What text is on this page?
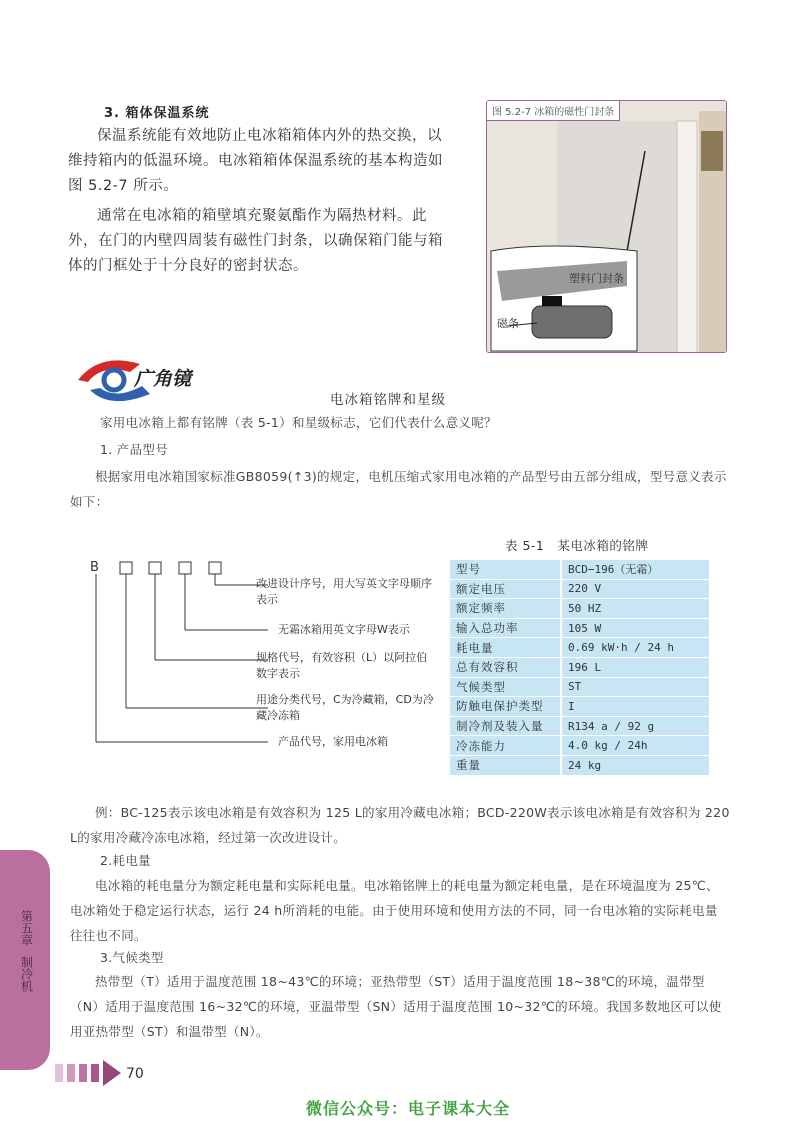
3. 箱体保温系统
保温系统能有效地防止电冰箱箱体内外的热交换，以维持箱内的低温环境。电冰箱箱体保温系统的基本构造如图 5.2-7 所示。
通常在电冰箱的箱壁填充聚氨酯作为隔热材料。此外，在门的内壁四周装有磁性门封条，以确保箱门能与箱体的门框处于十分良好的密封状态。
图 5.2-7 冰箱的磁性门封条
塑料门封条
磁条
广角镜
电冰箱铭牌和星级
家用电冰箱上都有铭牌（表 5-1）和星级标志，它们代表什么意义呢？
1. 产品型号
根据家用电冰箱国家标准GB8059(↑3)的规定，电机压缩式家用电冰箱的产品型号由五部分组成，型号意义表示如下：
B
改进设计序号，用大写英文字母顺序表示
无霜冰箱用英文字母W表示
规格代号，有效容积（L）以阿拉伯数字表示
用途分类代号，C为冷藏箱，CD为冷藏冷冻箱
产品代号，家用电冰箱
表 5-1　某电冰箱的铭牌
型号	BCD−196（无霜）
额定电压	220 V
额定频率	50 HZ
输入总功率	105 W
耗电量	0.69 kW·h / 24 h
总有效容积	196 L
气候类型	ST
防触电保护类型	I
制冷剂及装入量	R134 a / 92 g
冷冻能力	4.0 kg / 24h
重量	24 kg
例：BC-125表示该电冰箱是有效容积为 125 L的家用冷藏电冰箱；BCD-220W表示该电冰箱是有效容积为 220 L的家用冷藏冷冻电冰箱，经过第一次改进设计。
2.耗电量
电冰箱的耗电量分为额定耗电量和实际耗电量。电冰箱铭牌上的耗电量为额定耗电量，是在环境温度为 25℃、电冰箱处于稳定运行状态，运行 24 h所消耗的电能。由于使用环境和使用方法的不同，同一台电冰箱的实际耗电量往往也不同。
3.气候类型
热带型（T）适用于温度范围 18~43℃的环境；亚热带型（ST）适用于温度范围 18~38℃的环境，温带型（N）适用于温度范围 16~32℃的环境，亚温带型（SN）适用于温度范围 10~32℃的环境。我国多数地区可以使用亚热带型（ST）和温带型（N）。
第五章
制冷机
70
微信公众号：电子课本大全
